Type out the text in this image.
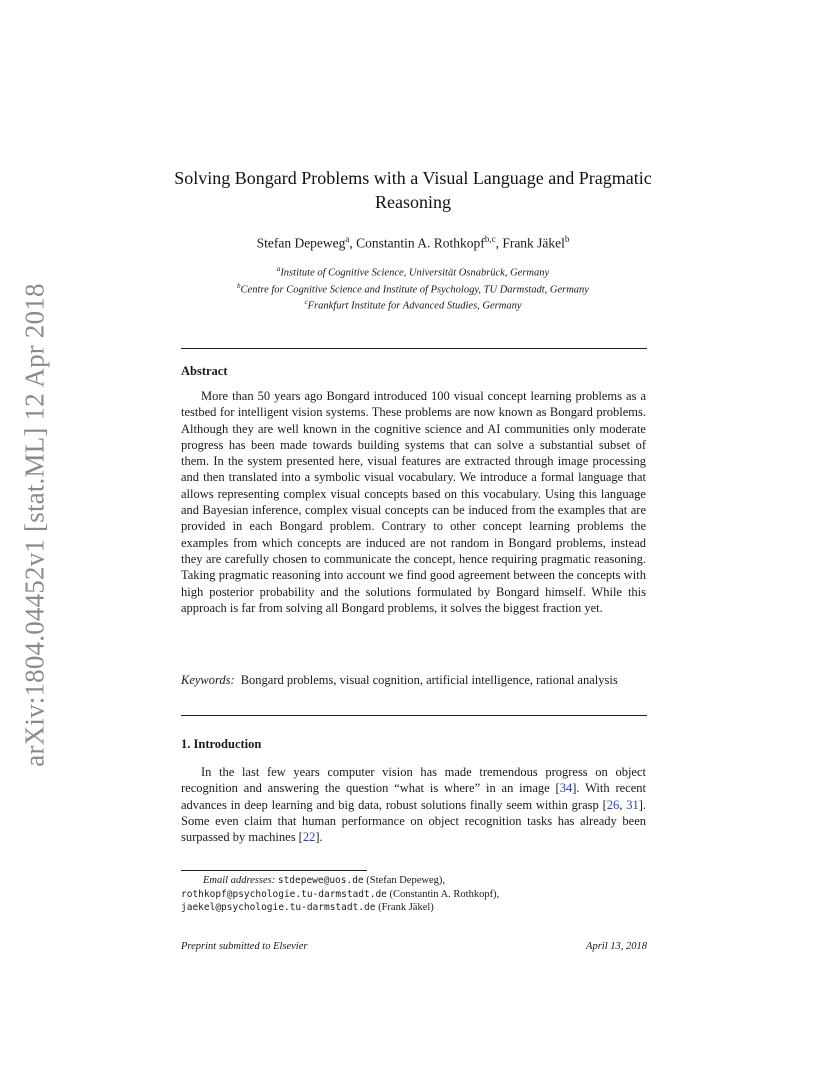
arXiv:1804.04452v1 [stat.ML] 12 Apr 2018
Solving Bongard Problems with a Visual Language and Pragmatic Reasoning
Stefan Depeweg$^a$, Constantin A. Rothkopf$^{b,c}$, Frank Jäkel$^b$
$^a$Institute of Cognitive Science, Universität Osnabrück, Germany
$^b$Centre for Cognitive Science and Institute of Psychology, TU Darmstadt, Germany
$^c$Frankfurt Institute for Advanced Studies, Germany
Abstract
More than 50 years ago Bongard introduced 100 visual concept learning problems as a testbed for intelligent vision systems. These problems are now known as Bongard problems. Although they are well known in the cognitive science and AI communities only moderate progress has been made towards building systems that can solve a substantial subset of them. In the system presented here, visual features are extracted through image processing and then translated into a symbolic visual vocabulary. We introduce a formal language that allows representing complex visual concepts based on this vocabulary. Using this language and Bayesian inference, complex visual concepts can be induced from the examples that are provided in each Bongard problem. Contrary to other concept learning problems the examples from which concepts are induced are not random in Bongard problems, instead they are carefully chosen to communicate the concept, hence requiring pragmatic reasoning. Taking pragmatic reasoning into account we find good agreement between the concepts with high posterior probability and the solutions formulated by Bongard himself. While this approach is far from solving all Bongard problems, it solves the biggest fraction yet.
Keywords: Bongard problems, visual cognition, artificial intelligence, rational analysis
1. Introduction
In the last few years computer vision has made tremendous progress on object recognition and answering the question “what is where” in an image [34]. With recent advances in deep learning and big data, robust solutions finally seem within grasp [26, 31]. Some even claim that human performance on object recognition tasks has already been surpassed by machines [22].
Email addresses: stdepewe@uos.de (Stefan Depeweg),
rothkopf@psychologie.tu-darmstadt.de (Constantin A. Rothkopf),
jaekel@psychologie.tu-darmstadt.de (Frank Jäkel)
Preprint submitted to Elsevier	April 13, 2018
